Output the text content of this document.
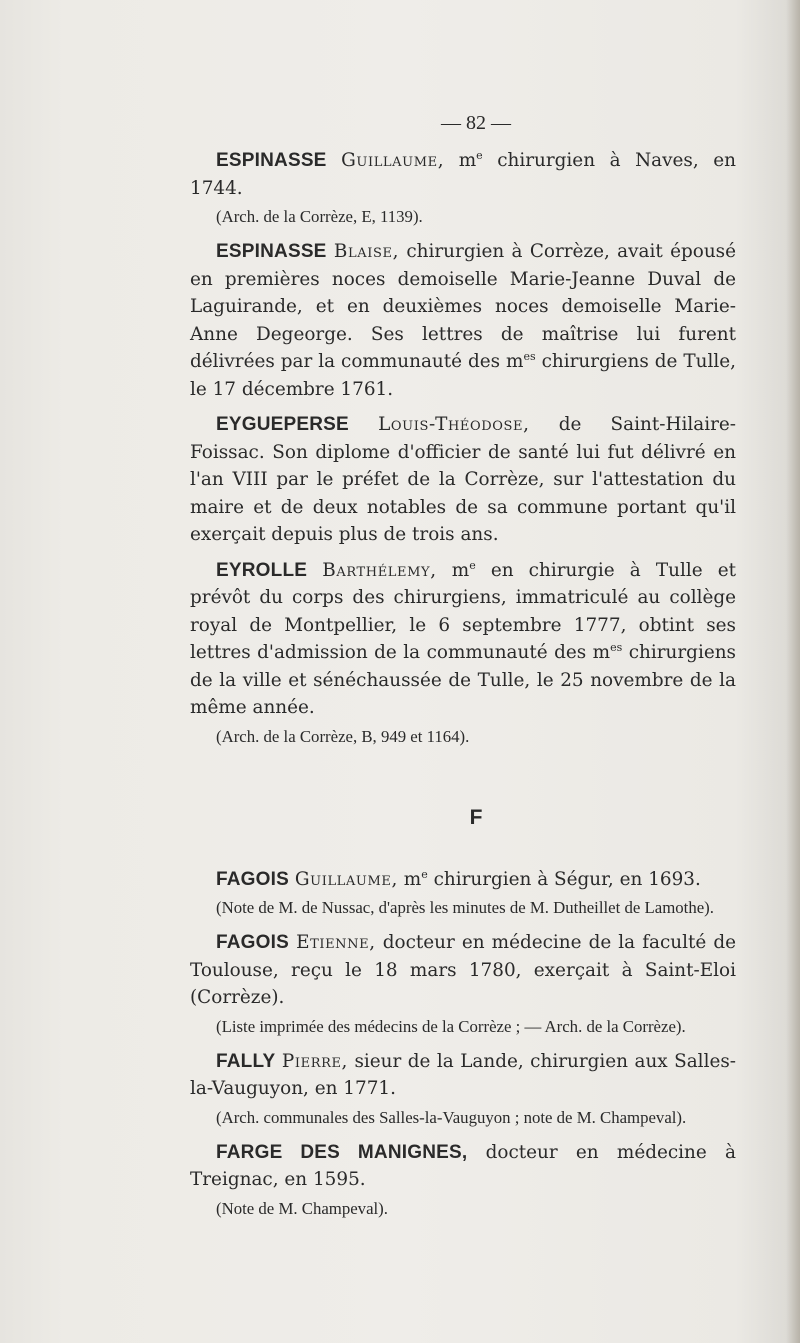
— 82 —

ESPINASSE Guillaume, $m^e$ chirurgien à Naves, en 1744.

(Arch. de la Corrèze, E, 1139).

ESPINASSE Blaise, chirurgien à Corrèze, avait épousé en premières noces demoiselle Marie-Jeanne Duval de Laguirande, et en deuxièmes noces demoiselle Marie-Anne Degeorge. Ses lettres de maîtrise lui furent délivrées par la communauté des $m^{es}$ chirurgiens de Tulle, le 17 décembre 1761.

EYGUEPERSE Louis-Théodose, de Saint-Hilaire-Foissac. Son diplome d'officier de santé lui fut délivré en l'an VIII par le préfet de la Corrèze, sur l'attestation du maire et de deux notables de sa commune portant qu'il exerçait depuis plus de trois ans.

EYROLLE Barthélemy, $m^e$ en chirurgie à Tulle et prévôt du corps des chirurgiens, immatriculé au collège royal de Montpellier, le 6 septembre 1777, obtint ses lettres d'admission de la communauté des $m^{es}$ chirurgiens de la ville et sénéchaussée de Tulle, le 25 novembre de la même année.

(Arch. de la Corrèze, B, 949 et 1164).

F

FAGOIS Guillaume, $m^e$ chirurgien à Ségur, en 1693.

(Note de M. de Nussac, d'après les minutes de M. Dutheillet de Lamothe).

FAGOIS Etienne, docteur en médecine de la faculté de Toulouse, reçu le 18 mars 1780, exerçait à Saint-Eloi (Corrèze).

(Liste imprimée des médecins de la Corrèze ; — Arch. de la Corrèze).

FALLY Pierre, sieur de la Lande, chirurgien aux Salles-la-Vauguyon, en 1771.

(Arch. communales des Salles-la-Vauguyon ; note de M. Champeval).

FARGE DES MANIGNES, docteur en médecine à Treignac, en 1595.

(Note de M. Champeval).
